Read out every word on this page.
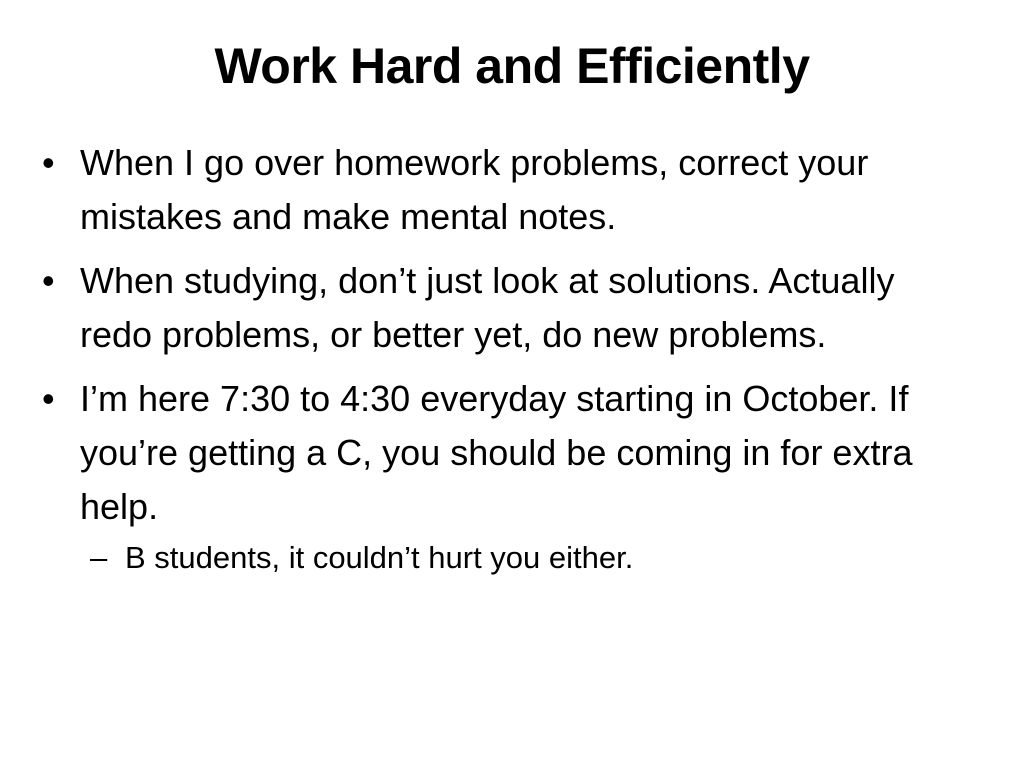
Work Hard and Efficiently
• When I go over homework problems, correct your mistakes and make mental notes.
• When studying, don’t just look at solutions. Actually redo problems, or better yet, do new problems.
• I’m here 7:30 to 4:30 everyday starting in October. If you’re getting a C, you should be coming in for extra help.
– B students, it couldn’t hurt you either.
